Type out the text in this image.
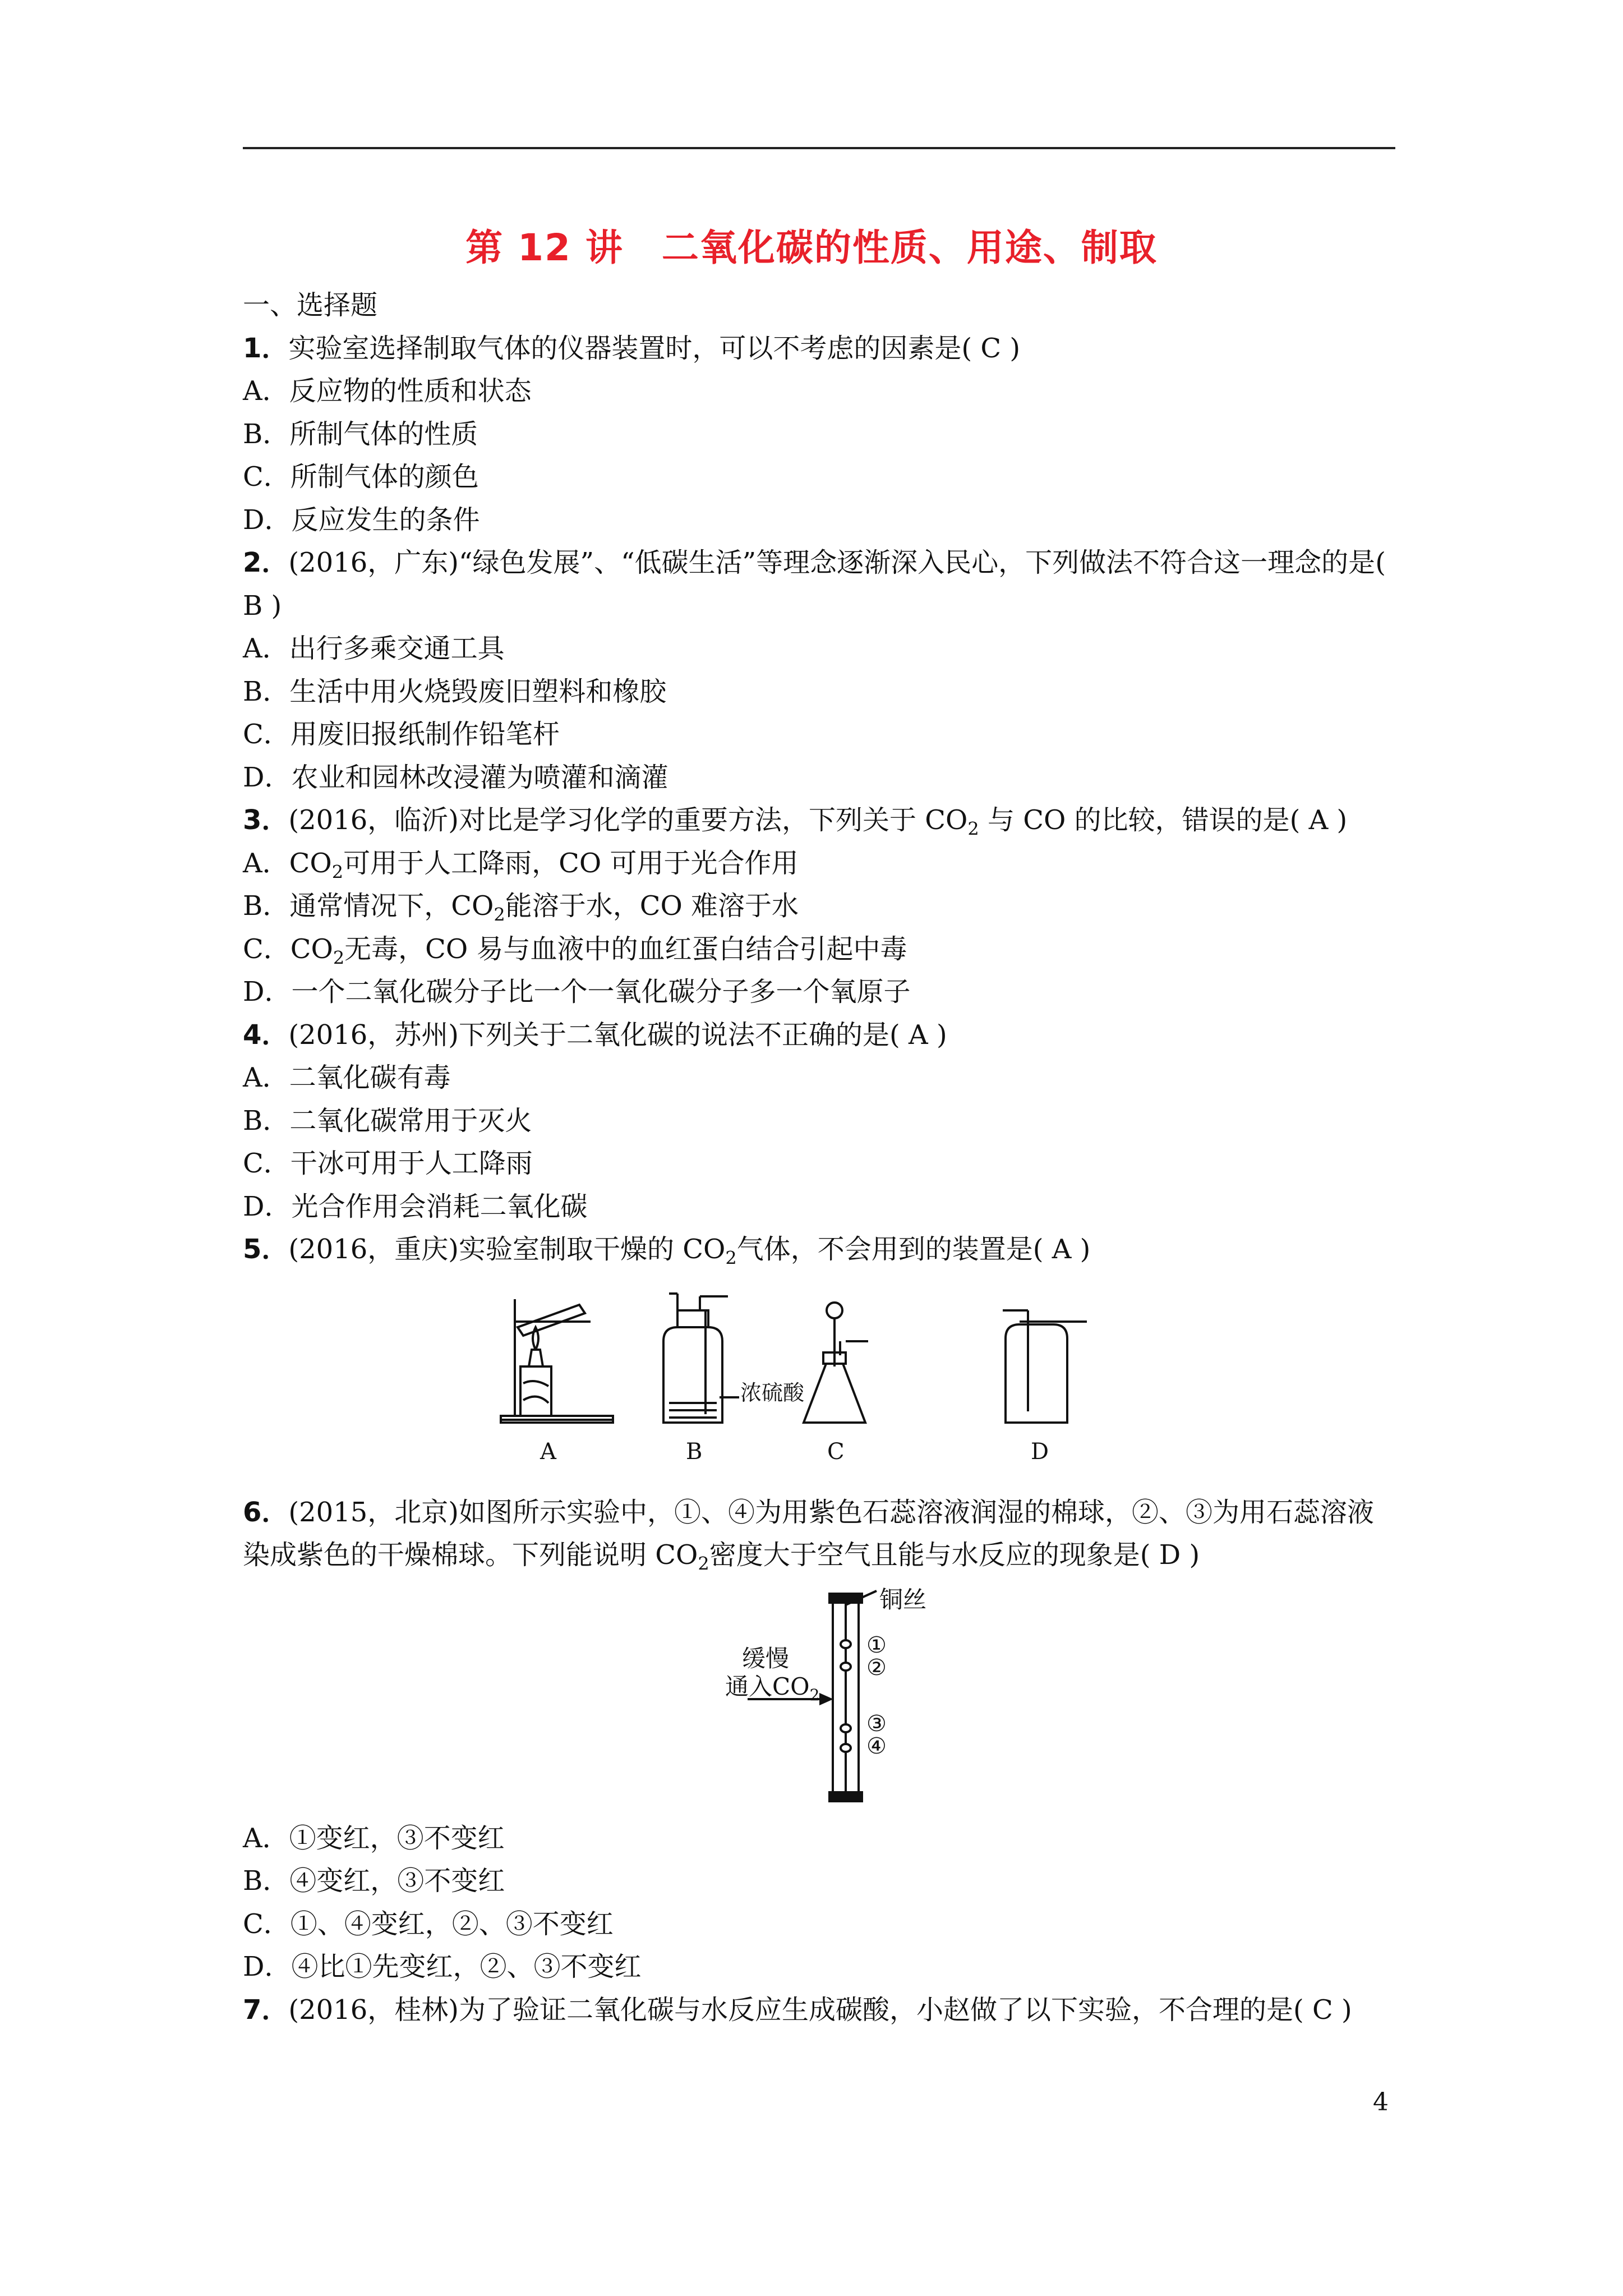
第 12 讲　二氧化碳的性质、用途、制取
一、选择题
1．实验室选择制取气体的仪器装置时，可以不考虑的因素是( C )
A．反应物的性质和状态
B．所制气体的性质
C．所制气体的颜色
D．反应发生的条件
2．(2016，广东)“绿色发展”、“低碳生活”等理念逐渐深入民心，下列做法不符合这一理念的是( B )
A．出行多乘交通工具
B．生活中用火烧毁废旧塑料和橡胶
C．用废旧报纸制作铅笔杆
D．农业和园林改浸灌为喷灌和滴灌
3．(2016，临沂)对比是学习化学的重要方法，下列关于 $CO_2$ 与 CO 的比较，错误的是( A )
A．$CO_2$可用于人工降雨，CO 可用于光合作用
B．通常情况下，$CO_2$能溶于水，CO 难溶于水
C．$CO_2$无毒，CO 易与血液中的血红蛋白结合引起中毒
D．一个二氧化碳分子比一个一氧化碳分子多一个氧原子
4．(2016，苏州)下列关于二氧化碳的说法不正确的是( A )
A．二氧化碳有毒
B．二氧化碳常用于灭火
C．干冰可用于人工降雨
D．光合作用会消耗二氧化碳
5．(2016，重庆)实验室制取干燥的 $CO_2$气体，不会用到的装置是( A )
浓硫酸
A	B	C	D
6．(2015，北京)如图所示实验中，①、④为用紫色石蕊溶液润湿的棉球，②、③为用石蕊溶液染成紫色的干燥棉球。下列能说明 $CO_2$密度大于空气且能与水反应的现象是( D )
铜丝
缓慢
通入$CO_2$
①
②
③
④
A．①变红，③不变红
B．④变红，③不变红
C．①、④变红，②、③不变红
D．④比①先变红，②、③不变红
7．(2016，桂林)为了验证二氧化碳与水反应生成碳酸，小赵做了以下实验，不合理的是( C )
4
